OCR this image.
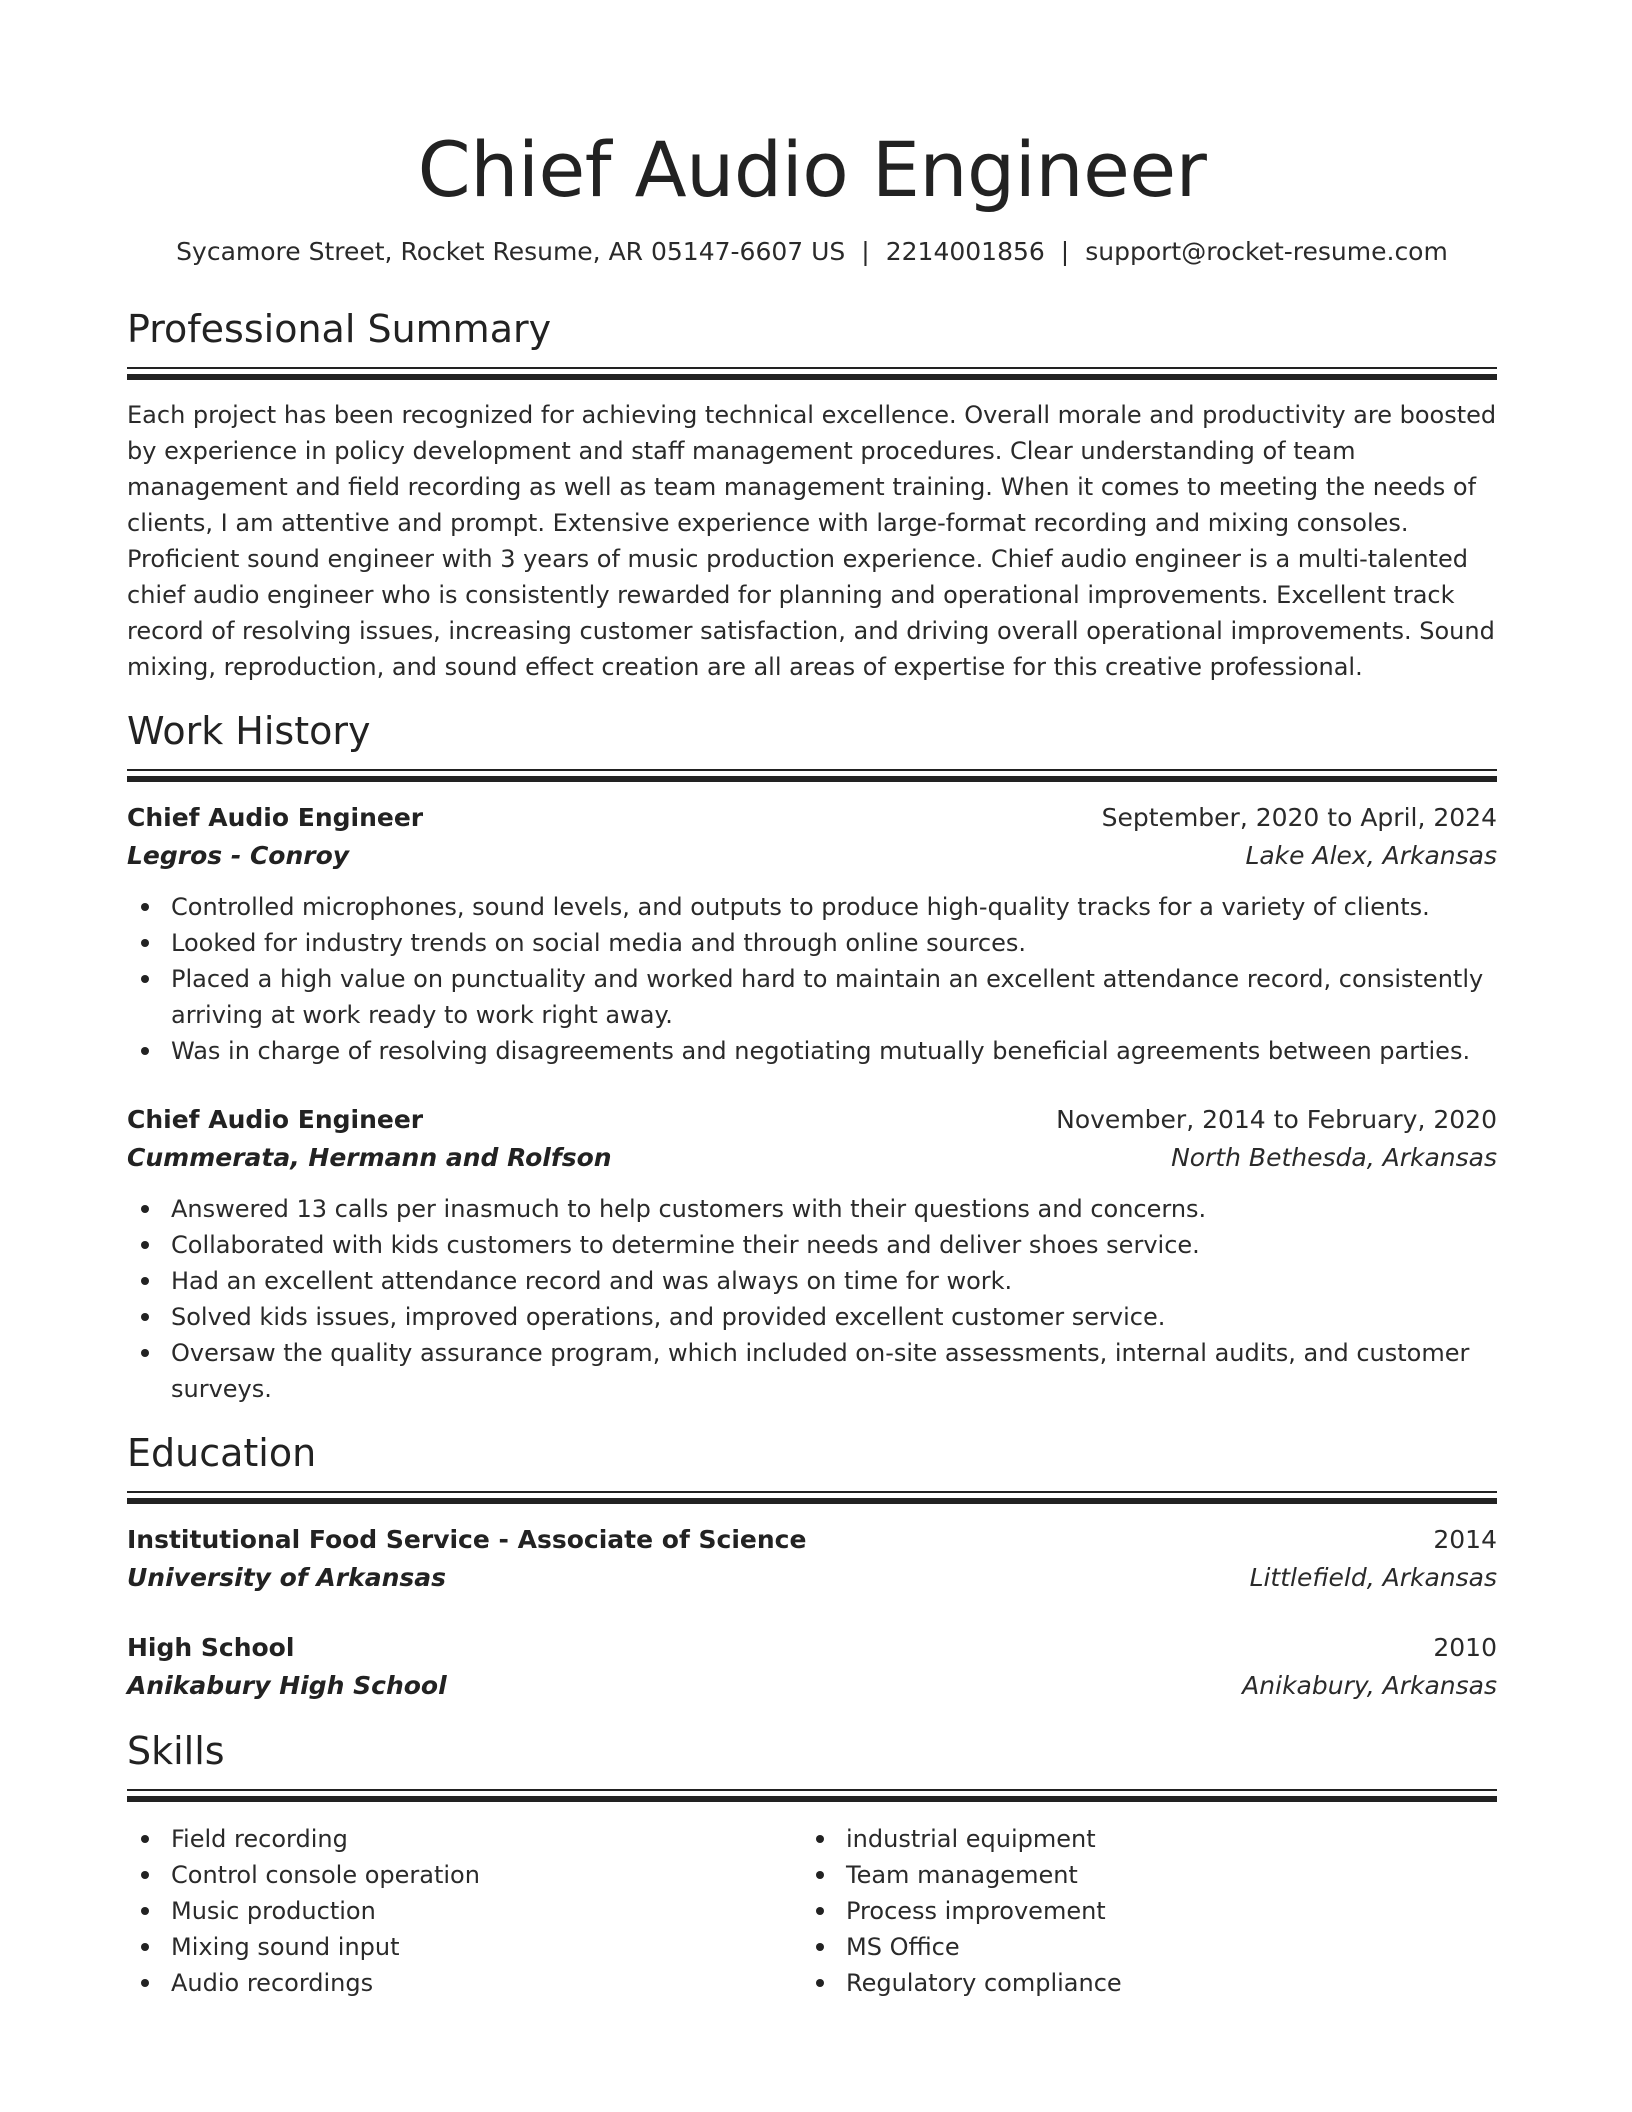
Chief Audio Engineer
Sycamore Street, Rocket Resume, AR 05147-6607 US | 2214001856 | support@rocket-resume.com
Professional Summary
Each project has been recognized for achieving technical excellence. Overall morale and productivity are boosted by experience in policy development and staff management procedures. Clear understanding of team management and field recording as well as team management training. When it comes to meeting the needs of clients, I am attentive and prompt. Extensive experience with large-format recording and mixing consoles. Proficient sound engineer with 3 years of music production experience. Chief audio engineer is a multi-talented chief audio engineer who is consistently rewarded for planning and operational improvements. Excellent track record of resolving issues, increasing customer satisfaction, and driving overall operational improvements. Sound mixing, reproduction, and sound effect creation are all areas of expertise for this creative professional.
Work History
Chief Audio Engineer	September, 2020 to April, 2024
Legros - Conroy	Lake Alex, Arkansas
Controlled microphones, sound levels, and outputs to produce high-quality tracks for a variety of clients.
Looked for industry trends on social media and through online sources.
Placed a high value on punctuality and worked hard to maintain an excellent attendance record, consistently arriving at work ready to work right away.
Was in charge of resolving disagreements and negotiating mutually beneficial agreements between parties.
Chief Audio Engineer	November, 2014 to February, 2020
Cummerata, Hermann and Rolfson	North Bethesda, Arkansas
Answered 13 calls per inasmuch to help customers with their questions and concerns.
Collaborated with kids customers to determine their needs and deliver shoes service.
Had an excellent attendance record and was always on time for work.
Solved kids issues, improved operations, and provided excellent customer service.
Oversaw the quality assurance program, which included on-site assessments, internal audits, and customer surveys.
Education
Institutional Food Service - Associate of Science	2014
University of Arkansas	Littlefield, Arkansas
High School	2010
Anikabury High School	Anikabury, Arkansas
Skills
Field recording
Control console operation
Music production
Mixing sound input
Audio recordings
industrial equipment
Team management
Process improvement
MS Office
Regulatory compliance
